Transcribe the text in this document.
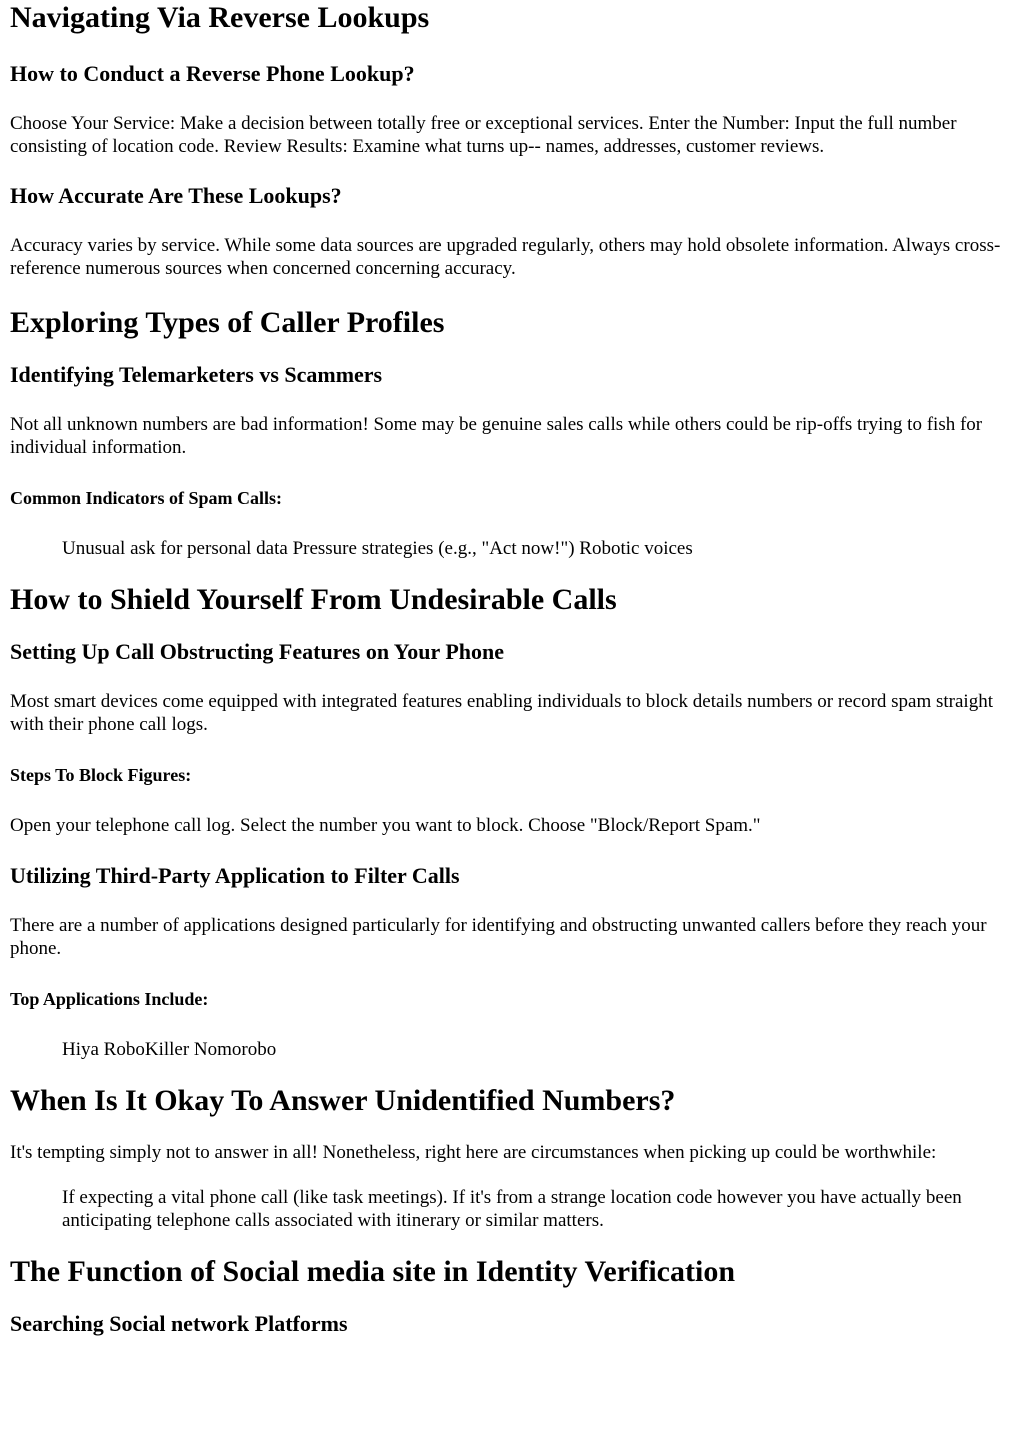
Navigating Via Reverse Lookups
How to Conduct a Reverse Phone Lookup?

Choose Your Service: Make a decision between totally free or exceptional services. Enter the Number: Input the full number consisting of location code. Review Results: Examine what turns up-- names, addresses, customer reviews.

How Accurate Are These Lookups?

Accuracy varies by service. While some data sources are upgraded regularly, others may hold obsolete information. Always cross-reference numerous sources when concerned concerning accuracy.

Exploring Types of Caller Profiles
Identifying Telemarketers vs Scammers

Not all unknown numbers are bad information! Some may be genuine sales calls while others could be rip-offs trying to fish for individual information.

Common Indicators of Spam Calls:

Unusual ask for personal data Pressure strategies (e.g., "Act now!") Robotic voices

How to Shield Yourself From Undesirable Calls
Setting Up Call Obstructing Features on Your Phone

Most smart devices come equipped with integrated features enabling individuals to block details numbers or record spam straight with their phone call logs.

Steps To Block Figures:

Open your telephone call log. Select the number you want to block. Choose "Block/Report Spam."

Utilizing Third-Party Application to Filter Calls

There are a number of applications designed particularly for identifying and obstructing unwanted callers before they reach your phone.

Top Applications Include:

Hiya RoboKiller Nomorobo

When Is It Okay To Answer Unidentified Numbers?

It's tempting simply not to answer in all! Nonetheless, right here are circumstances when picking up could be worthwhile:

If expecting a vital phone call (like task meetings). If it's from a strange location code however you have actually been anticipating telephone calls associated with itinerary or similar matters.

The Function of Social media site in Identity Verification
Searching Social network Platforms
